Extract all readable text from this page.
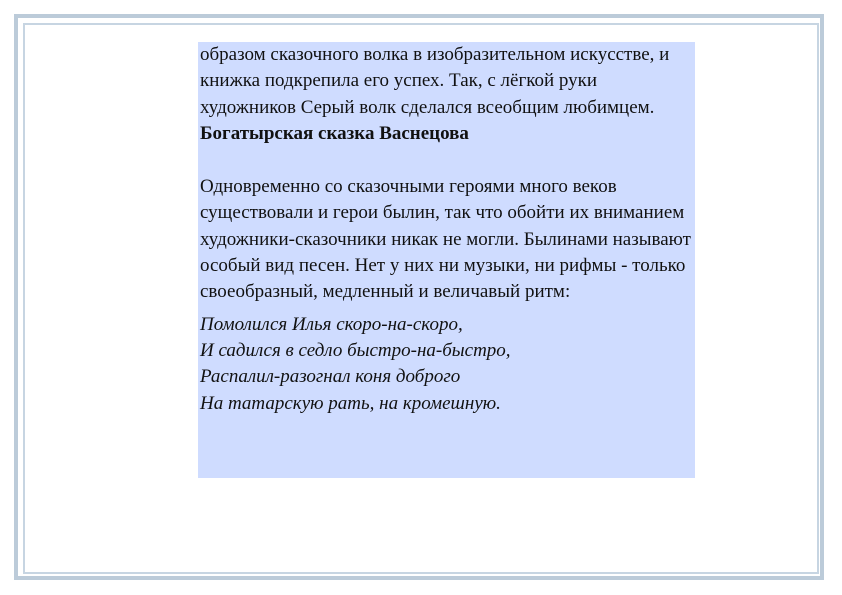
образом сказочного волка в изобразительном искусстве, и книжка подкрепила его успех. Так, с лёгкой руки художников Серый волк сделался всеобщим любимцем.

Богатырская сказка Васнецова

Одновременно со сказочными героями много веков существовали и герои былин, так что обойти их вниманием художники-сказочники никак не могли. Былинами называют особый вид песен. Нет у них ни музыки, ни рифмы - только своеобразный, медленный и величавый ритм:

Помолился Илья скоро-на-скоро,
И садился в седло быстро-на-быстро,
Распалил-разогнал коня доброго
На татарскую рать, на кромешную.
